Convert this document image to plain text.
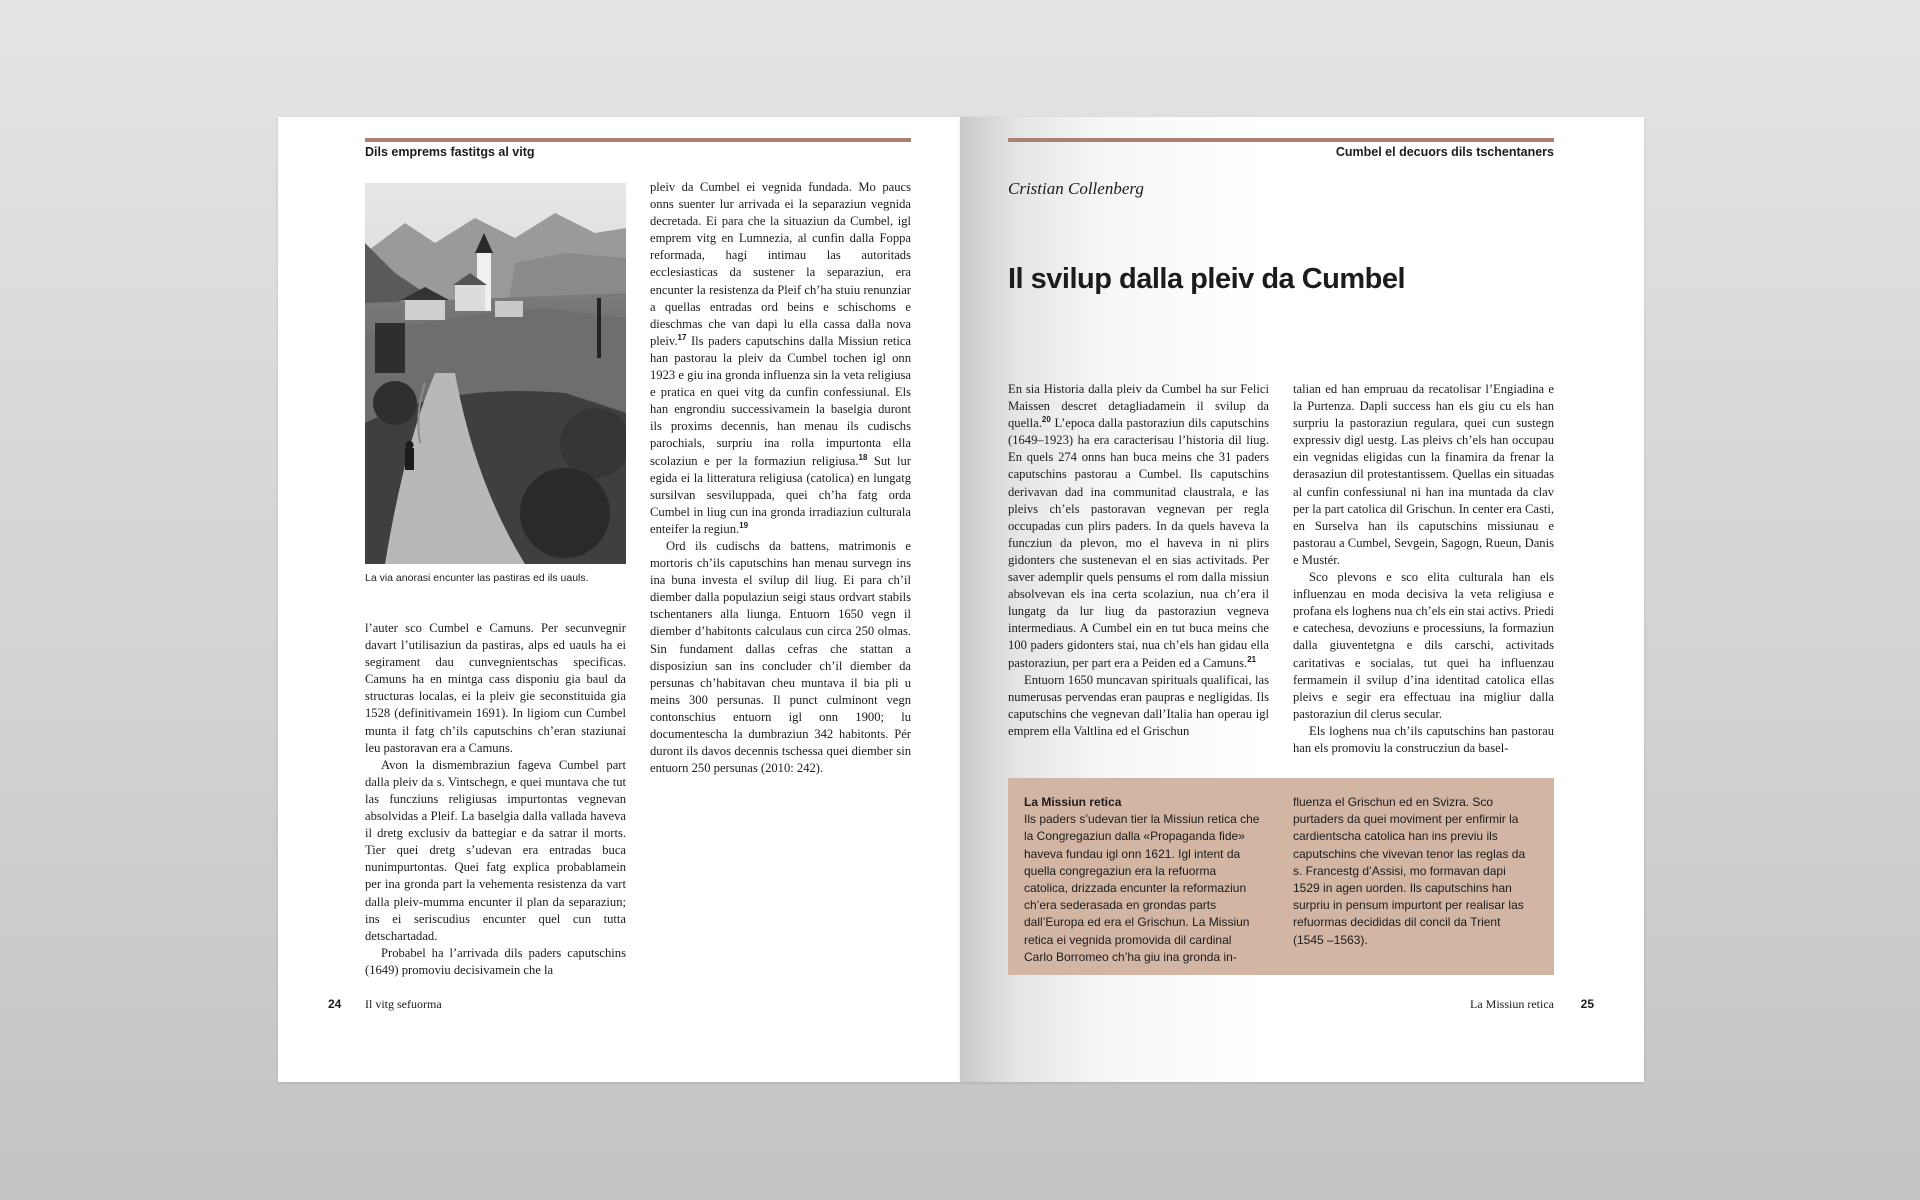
Dils emprems fastitgs al vitg
La via anorasi encunter las pastiras ed ils uauls.

l’auter sco Cumbel e Camuns. Per secunvegnir davart l’utilisaziun da pastiras, alps ed uauls ha ei segirament dau cunvegnientschas specificas. Camuns ha en mintga cass disponiu gia baul da structuras localas, ei la pleiv gie seconstituida gia 1528 (definitivamein 1691). In ligiom cun Cumbel munta il fatg ch’ils caputschins ch’eran staziunai leu pastoravan era a Camuns.

Avon la dismembraziun fageva Cumbel part dalla pleiv da s. Vintschegn, e quei muntava che tut las funcziuns religiusas impurtontas vegnevan absolvidas a Pleif. La baselgia dalla vallada haveva il dretg exclusiv da battegiar e da satrar il morts. Tier quei dretg s’udevan era entradas buca nunimpurtontas. Quei fatg explica probablamein per ina gronda part la vehementa resistenza da vart dalla pleiv-mumma encunter il plan da separaziun; ins ei seriscudius encunter quel cun tutta detschartadad.

Probabel ha l’arrivada dils paders caputschins (1649) promoviu decisivamein che la

pleiv da Cumbel ei vegnida fundada. Mo paucs onns suenter lur arrivada ei la separaziun vegnida decretada. Ei para che la situaziun da Cumbel, igl emprem vitg en Lumnezia, al cunfin dalla Foppa reformada, hagi intimau las autoritads ecclesiasticas da sustener la separaziun, era encunter la resistenza da Pleif ch’ha stuiu renunziar a quellas entradas ord beins e schischoms e dieschmas che van dapi lu ella cassa dalla nova pleiv.$^{17}$ Ils paders caputschins dalla Missiun retica han pastorau la pleiv da Cumbel tochen igl onn 1923 e giu ina gronda influenza sin la veta religiusa e pratica en quei vitg da cunfin confessiunal. Els han engrondiu successivamein la baselgia duront ils proxims decennis, han menau ils cudischs parochials, surpriu ina rolla impurtonta ella scolaziun e per la formaziun religiusa.$^{18}$ Sut lur egida ei la litteratura religiusa (catolica) en lungatg sursilvan sesviluppada, quei ch’ha fatg orda Cumbel in liug cun ina gronda irradiaziun culturala enteifer la regiun.$^{19}$

Ord ils cudischs da battens, matrimonis e mortoris ch’ils caputschins han menau survegn ins ina buna investa el svilup dil liug. Ei para ch’il diember dalla populaziun seigi staus ordvart stabils tschentaners alla liunga. Entuorn 1650 vegn il diember d’habitonts calculaus cun circa 250 olmas. Sin fundament dallas cefras che stattan a disposiziun san ins concluder ch’il diember da persunas ch’habitavan cheu muntava il bia pli u meins 300 persunas. Il punct culminont vegn contonschius entuorn igl onn 1900; lu documentescha la dumbraziun 342 habitonts. Pér duront ils davos decennis tschessa quei diember sin entuorn 250 persunas (2010: 242).

24 Il vitg sefuorma
Cumbel el decuors dils tschentaners
Cristian Collenberg
Il svilup dalla pleiv da Cumbel

En sia Historia dalla pleiv da Cumbel ha sur Felici Maissen descret detagliadamein il svilup da quella.$^{20}$ L’epoca dalla pastoraziun dils caputschins (1649–1923) ha era caracterisau l’historia dil liug. En quels 274 onns han buca meins che 31 paders caputschins pastorau a Cumbel. Ils caputschins derivavan dad ina communitad claustrala, e las pleivs ch’els pastoravan vegnevan per regla occupadas cun plirs paders. In da quels haveva la funcziun da plevon, mo el haveva in ni plirs gidonters che sustenevan el en sias activitads. Per saver ademplir quels pensums el rom dalla missiun absolvevan els ina certa scolaziun, nua ch’era il lungatg da lur liug da pastoraziun vegneva intermediaus. A Cumbel ein en tut buca meins che 100 paders gidonters stai, nua ch’els han gidau ella pastoraziun, per part era a Peiden ed a Camuns.$^{21}$

Entuorn 1650 muncavan spirituals qualificai, las numerusas pervendas eran paupras e negligidas. Ils caputschins che vegnevan dall’Italia han operau igl emprem ella Valtlina ed el Grischun

talian ed han empruau da recatolisar l’Engiadina e la Purtenza. Dapli success han els giu cu els han surpriu la pastoraziun regulara, quei cun sustegn expressiv digl uestg. Las pleivs ch’els han occupau ein vegnidas eligidas cun la finamira da frenar la derasaziun dil protestantissem. Quellas ein situadas al cunfin confessiunal ni han ina muntada da clav per la part catolica dil Grischun. In center era Casti, en Surselva han ils caputschins missiunau e pastorau a Cumbel, Sevgein, Sagogn, Rueun, Danis e Mustér.

Sco plevons e sco elita culturala han els influenzau en moda decisiva la veta religiusa e profana els loghens nua ch’els ein stai activs. Priedi e catechesa, devoziuns e processiuns, la formaziun dalla giuventetgna e dils carschi, activitads caritativas e socialas, tut quei ha influenzau fermamein il svilup d’ina identitad catolica ellas pleivs e segir era effectuau ina migliur dalla pastoraziun dil clerus secular.

Els loghens nua ch’ils caputschins han pastorau han els promoviu la construcziun da basel-

La Missiun retica
Ils paders s’udevan tier la Missiun retica che la Congregaziun dalla «Propaganda fide» haveva fundau igl onn 1621. Igl intent da quella congregaziun era la refuorma catolica, drizzada encunter la reformaziun ch’era sederasada en grondas parts dall’Europa ed era el Grischun. La Missiun retica ei vegnida promovida dil cardinal Carlo Borromeo ch’ha giu ina gronda in-
fluenza el Grischun ed en Svizra. Sco purtaders da quei moviment per enfirmir la cardientscha catolica han ins previu ils caputschins che vivevan tenor las reglas da s. Francestg d’Assisi, mo formavan dapi 1529 in agen uorden. Ils caputschins han surpriu in pensum impurtont per realisar las refuormas decididas dil concil da Trient (1545 –1563).
La Missiun retica 25
